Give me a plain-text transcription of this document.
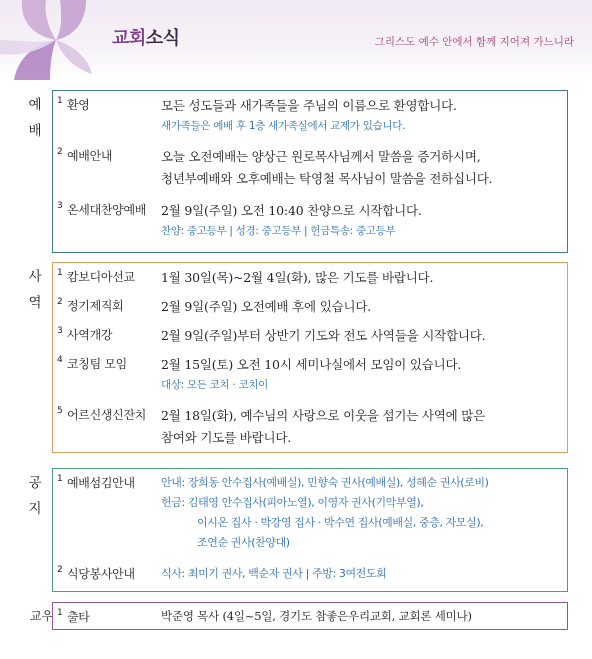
교회소식	그리스도 예수 안에서 함께 지어져 가느니라
예
배
1 환영	모든 성도들과 새가족들을 주님의 이름으로 환영합니다.
새가족들은 예배 후 1층 새가족실에서 교제가 있습니다.
2 예배안내	오늘 오전예배는 양상근 원로목사님께서 말씀을 증거하시며,
청년부예배와 오후예배는 탁영철 목사님이 말씀을 전하십니다.
3 온세대찬양예배 2월 9일(주일) 오전 10:40 찬양으로 시작합니다.
찬양: 중고등부 | 성경: 중고등부 | 헌금특송: 중고등부
사
역
1 캄보디아선교 1월 30일(목)~2월 4일(화), 많은 기도를 바랍니다.
2 정기제직회	2월 9일(주일) 오전예배 후에 있습니다.
3 사역개강	2월 9일(주일)부터 상반기 기도와 전도 사역들을 시작합니다.
4 코칭팀 모임	2월 15일(토) 오전 10시 세미나실에서 모임이 있습니다.
대상: 모든 코치 · 코치이
5 어르신생신잔치 2월 18일(화), 예수님의 사랑으로 이웃을 섬기는 사역에 많은
참여와 기도를 바랍니다.
공
지
1 예배섬김안내 안내: 장희동 안수집사(예배실), 민향숙 권사(예배실), 성혜순 권사(로비)
헌금: 김태영 안수집사(피아노열), 이영자 권사(기악부열),
이시온 집사 · 박강영 집사 · 박수연 집사(예배실, 중층, 자모실),
조연순 권사(찬양대)
2 식당봉사안내 식사: 최미기 권사, 백순자 권사 | 주방: 3여전도회
교우 1 출타	박준영 목사 (4일~5일, 경기도 참좋은우리교회, 교회론 세미나)
